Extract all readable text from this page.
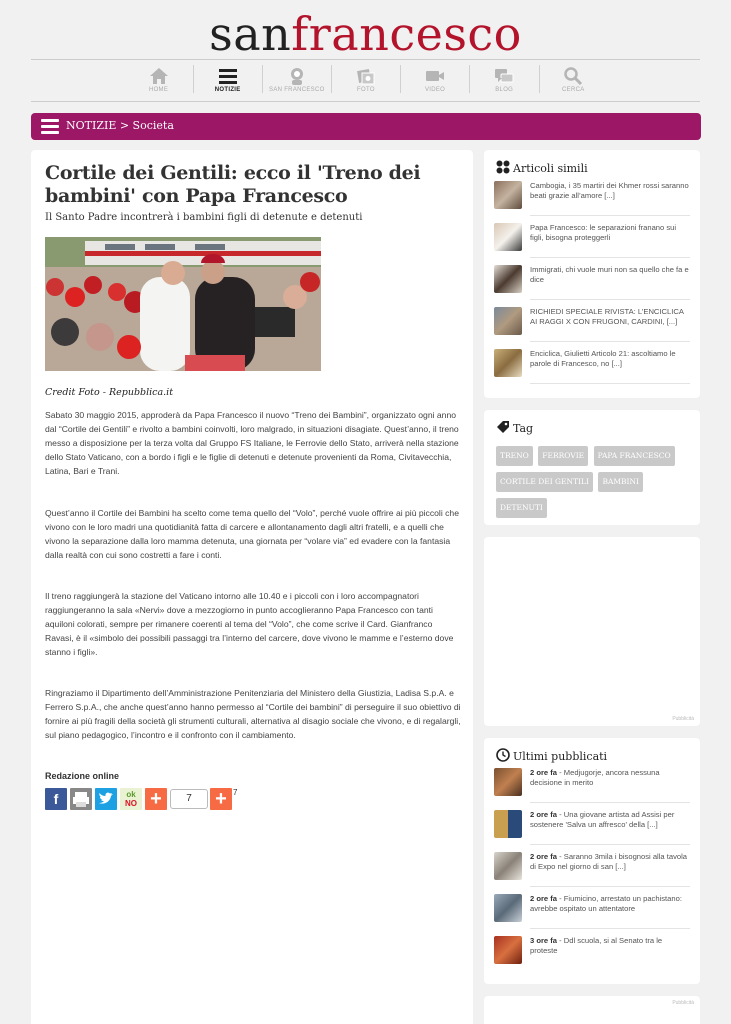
sanfrancesco
HOME	NOTIZIE	SAN FRANCESCO	FOTO	VIDEO	BLOG	CERCA
NOTIZIE > Societa
Cortile dei Gentili: ecco il 'Treno dei bambini' con Papa Francesco
Il Santo Padre incontrerà i bambini figli di detenute e detenuti
Credit Foto - Repubblica.it

Sabato 30 maggio 2015, approderà da Papa Francesco il nuovo “Treno dei Bambini”, organizzato ogni anno dal “Cortile dei Gentili” e rivolto a bambini coinvolti, loro malgrado, in situazioni disagiate. Quest’anno, il treno messo a disposizione per la terza volta dal Gruppo FS Italiane, le Ferrovie dello Stato, arriverà nella stazione dello Stato Vaticano, con a bordo i figli e le figlie di detenuti e detenute provenienti da Roma, Civitavecchia, Latina, Bari e Trani.

Quest’anno il Cortile dei Bambini ha scelto come tema quello del “Volo”, perché vuole offrire ai più piccoli che vivono con le loro madri una quotidianità fatta di carcere e allontanamento dagli altri fratelli, e a quelli che vivono la separazione dalla loro mamma detenuta, una giornata per “volare via” ed evadere con la fantasia dalla realtà con cui sono costretti a fare i conti.

Il treno raggiungerà la stazione del Vaticano intorno alle 10.40 e i piccoli con i loro accompagnatori raggiungeranno la sala «Nervi» dove a mezzogiorno in punto accoglieranno Papa Francesco con tanti aquiloni colorati, sempre per rimanere coerenti al tema del “Volo”, che come scrive il Card. Gianfranco Ravasi, è il «simbolo dei possibili passaggi tra l’interno del carcere, dove vivono le mamme e l’esterno dove stanno i figli».

Ringraziamo il Dipartimento dell’Amministrazione Penitenziaria del Ministero della Giustizia, Ladisa S.p.A. e Ferrero S.p.A., che anche quest’anno hanno permesso al “Cortile dei bambini” di perseguire il suo obiettivo di fornire ai più fragili della società gli strumenti culturali, alternativa al disagio sociale che vivono, e di regalargli, sul piano pedagogico, l’incontro e il confronto con il cambiamento.

Redazione online
f	ok
NO +	7	+ 7
Articoli simili
Cambogia, i 35 martiri dei Khmer rossi saranno beati grazie all’amore [...]
Papa Francesco: le separazioni franano sui figli, bisogna proteggerli
Immigrati, chi vuole muri non sa quello che fa e dice
RICHIEDI SPECIALE RIVISTA: L’ENCICLICA AI RAGGI X CON FRUGONI, CARDINI, [...]
Enciclica, Giulietti Articolo 21: ascoltiamo le parole di Francesco, no [...]
Tag
TRENO FERROVIE PAPA FRANCESCO CORTILE DEI GENTILI BAMBINI DETENUTI
Pubblicità
Ultimi pubblicati
2 ore fa - Medjugorje, ancora nessuna decisione in merito
2 ore fa - Una giovane artista ad Assisi per sostenere 'Salva un affresco' della [...]
2 ore fa - Saranno 3mila i bisognosi alla tavola di Expo nel giorno di san [...]
2 ore fa - Fiumicino, arrestato un pachistano: avrebbe ospitato un attentatore
3 ore fa - Ddl scuola, si al Senato tra le proteste
Pubblicità
